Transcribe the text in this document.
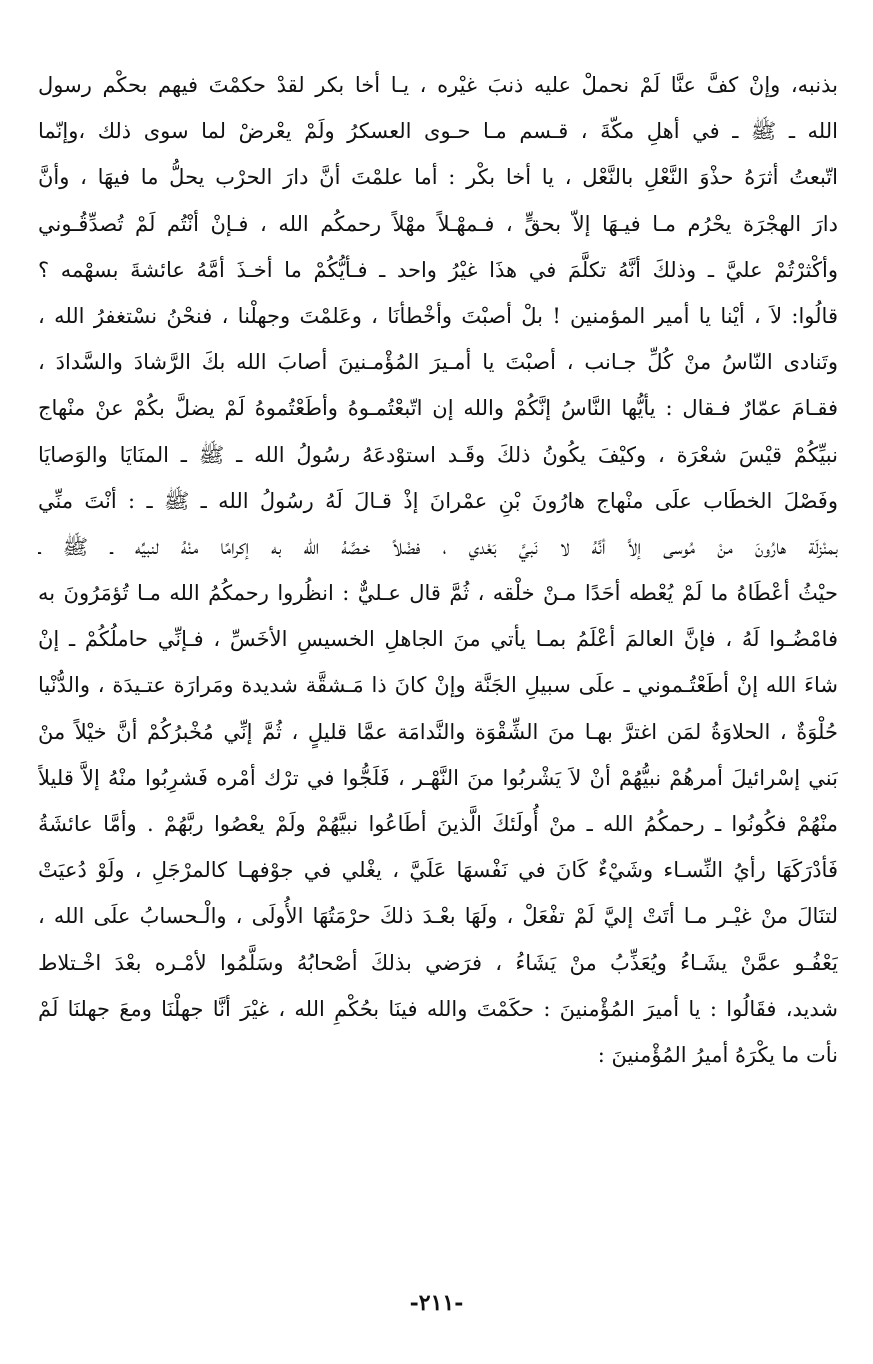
بذنبه، وإنْ كفَّ عنَّا لَمْ نحملْ عليه ذنبَ غيْره ، يـا أخا بكر لقدْ حكمْتَ فيهم بحكْم رسول
الله ـ ﷺ ـ في أهلِ مكّةَ ، قـسم مـا حـوى العسكرُ ولَمْ يعْرضْ لما سوى ذلك ،وإنّما
اتّبعتُ أثرَهُ حذْوَ النَّعْلِ بالنَّعْل ، يا أخا بكْر : أما علمْتَ أنَّ دارَ الحرْب يحلُّ ما فيهَا ، وأنَّ
دارَ الهجْرَة يحْرُم مـا فيـهَا إلاّ بحقٍّ ، فـمهْـلاً مهْلاً رحمكُم الله ، فـإنْ أنْتُم لَمْ تُصدِّقُـوني
وأكْثرْتُمْ عليَّ ـ وذلكَ أنَّهُ تكلَّمَ في هذَا غيْرُ واحد ـ فـأيُّكُمْ ما أخـذَ أمَّهُ عائشةَ بسهْمه ؟
قالُوا: لاَ ، أيْنا يا أمير المؤمنين ! بلْ أصبْتَ وأخْطأنَا ، وعَلمْتَ وجهلْنا ، فنحْنُ نسْتغفرُ الله ،
وتَنادى النّاسُ منْ كُلِّ جـانب ، أصبْتَ يا أمـيرَ المُؤْمـنينَ أصابَ الله بكَ الرَّشادَ والسَّدادَ ،
فقـامَ عمّارٌ فـقال : يأيُّها النَّاسُ إنَّكُمْ والله إن اتّبعْتُمـوهُ وأطَعْتُموهُ لَمْ يضلَّ بكُمْ عنْ منْهاج
نبيِّكُمْ قيْسَ شعْرَة ، وكيْفَ يكُونُ ذلكَ وقَـد استوْدعَهُ رسُولُ الله ـ ﷺ ـ المنَايَا والوَصايَا
وفَصْلَ الخطَاب علَى منْهاج هارُونَ بْنِ عمْرانَ إذْ قـالَ لَهُ رسُولُ الله ـ ﷺ ـ : أنْتَ منِّي
بمنْزلَة هارُونَ منْ مُوسى إلاَّ أنَّهُ لا نَبيَّ بَعْدي ، فضْلاً خـصَّهُ الله به إكرامًا منْهُ لنبيِّه ـ ﷺ ـ
حيْثُ أعْطَاهُ ما لَمْ يُعْطه أحَدًا مـنْ خلْقه ، ثُمَّ قال عـليٌّ : انظُروا رحمكُمُ الله مـا تُؤمَرُونَ به
فامْضُـوا لَهُ ، فإنَّ العالمَ أعْلَمُ بمـا يأتي منَ الجاهلِ الخسيسِ الأخَسِّ ، فـإنِّي حاملُكُمْ ـ إنْ
شاءَ الله إنْ أطَعْتُـموني ـ علَى سبيلِ الجَنَّة وإنْ كانَ ذا مَـشقَّة شديدة ومَرارَة عتـيدَة ، والدُّنْيا
حُلْوَةٌ ، الحلاوَةُ لمَن اغترَّ بهـا منَ الشِّقْوَة والنَّدامَة عمَّا قليلٍ ، ثُمَّ إنِّي مُخْبرُكُمْ أنَّ خيْلاً منْ
بَني إسْرائيلَ أمرهُمْ نبيُّهُمْ أنْ لاَ يَشْربُوا منَ النَّهْـر ، فَلَجُّوا في ترْك أمْره فَشرِبُوا منْهُ إلاَّ قليلاً
منْهُمْ فكُونُوا ـ رحمكُمُ الله ـ منْ أُولَئكَ الَّذينَ أطَاعُوا نبيَّهُمْ ولَمْ يعْصُوا ربَّهُمْ . وأمَّا عائشَةُ
فَأدْرَكَهَا رأيُ النِّسـاء وشَيْءٌ كَانَ في نَفْسهَا عَلَيَّ ، يغْلي في جوْفهـا كالمرْجَلِ ، ولَوْ دُعيَتْ
لتنَالَ منْ غيْـر مـا أتَتْ إليَّ لَمْ تفْعَلْ ، ولَهَا بعْـدَ ذلكَ حرْمَتُهَا الأُولَى ، والْـحسابُ علَى الله ،
يَعْفُـو عمَّنْ يشَـاءُ ويُعَذِّبُ منْ يَشَاءُ ، فرَضي بذلكَ أصْحابُهُ وسَلَّمُوا لأمْـره بعْدَ اخْـتلاط
شديد، فقَالُوا : يا أميرَ المُؤْمنينَ : حكَمْتَ والله فينَا بحُكْمِ الله ، غيْرَ أنَّا جهلْنَا ومعَ جهلنَا لَمْ
نأت ما يكْرَهُ أميرُ المُؤْمنينَ :
-٢١١-
